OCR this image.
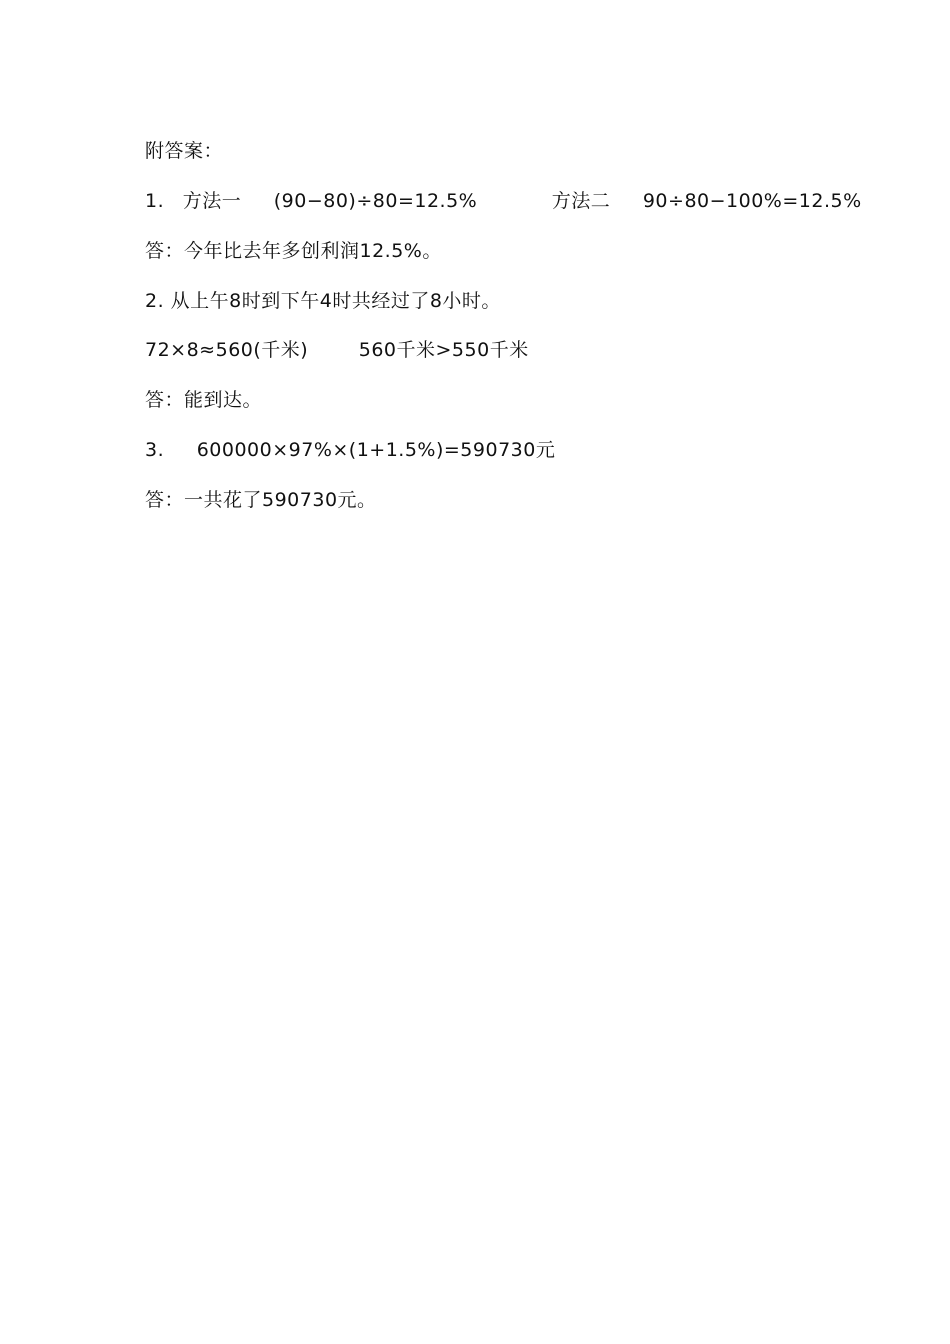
附答案：
1. 方法一 (90−80)÷80=12.5%	方法二 90÷80−100%=12.5%
答：今年比去年多创利润12.5%。
2. 从上午8时到下午4时共经过了8小时。
72×8≈560(千米)	560千米>550千米
答：能到达。
3. 600000×97%×(1+1.5%)=590730元
答：一共花了590730元。
